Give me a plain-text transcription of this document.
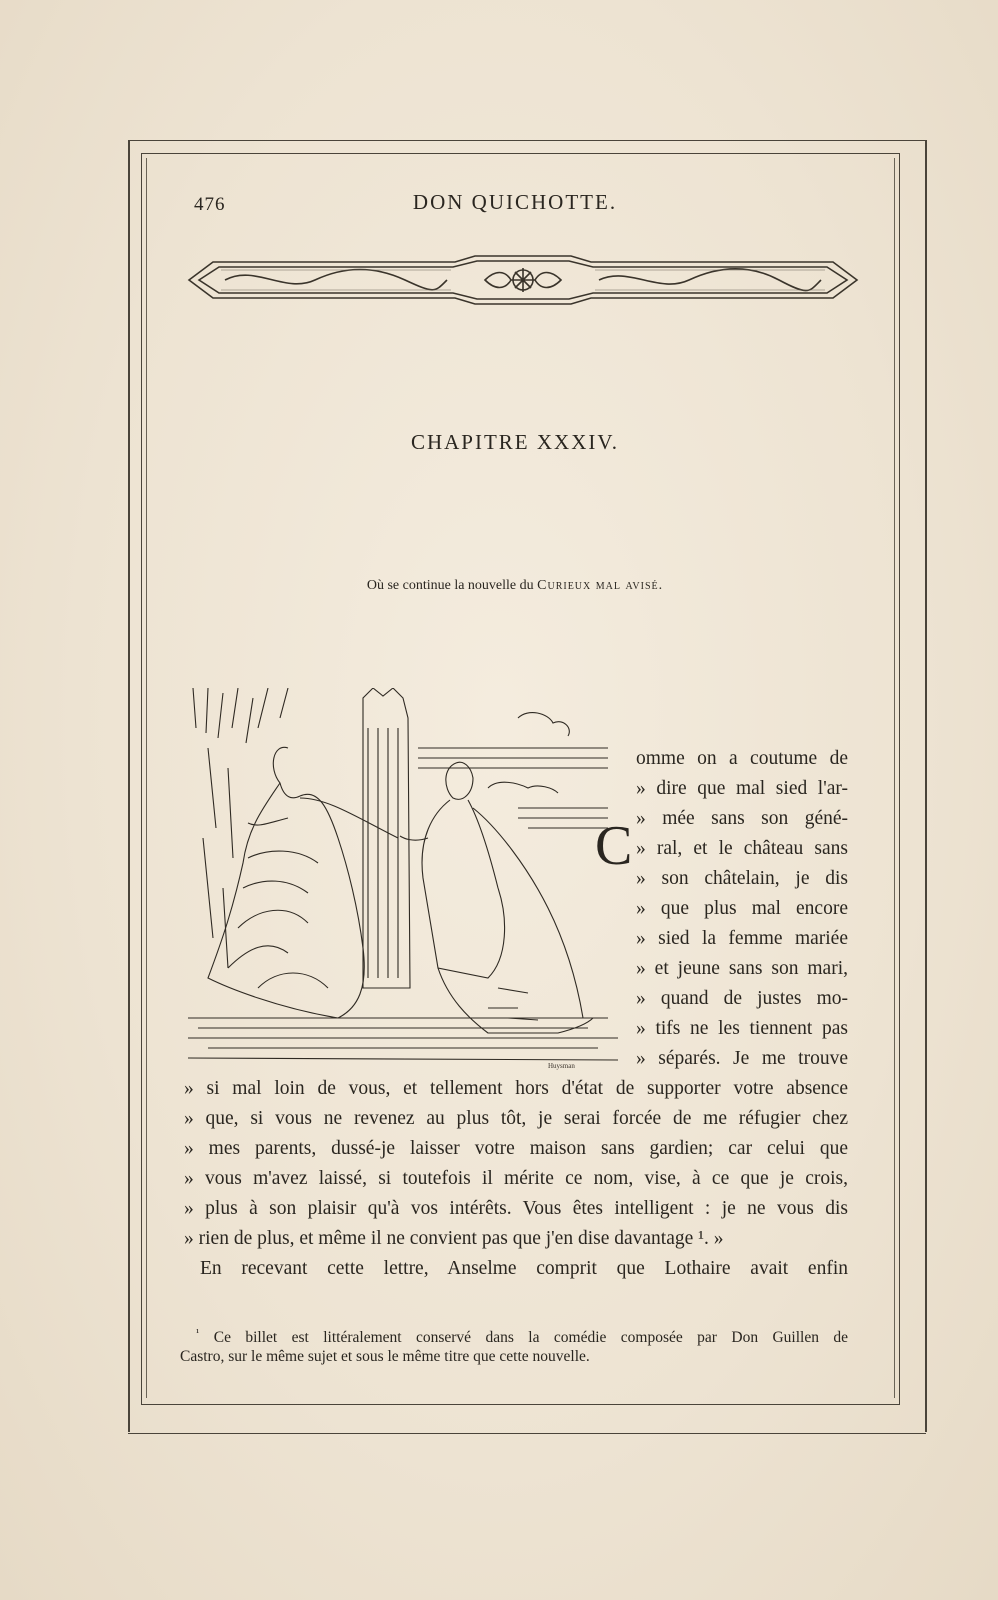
476	DON QUICHOTTE.
CHAPITRE XXXIV.
Où se continue la nouvelle du Curieux mal avisé.
Huysman
C
omme on a coutume de
» dire que mal sied l'ar-
» mée sans son géné-
» ral, et le château sans
» son châtelain, je dis
» que plus mal encore
» sied la femme mariée
» et jeune sans son mari,
» quand de justes mo-
» tifs ne les tiennent pas
» séparés. Je me trouve
» si mal loin de vous, et tellement hors d'état de supporter votre absence
» que, si vous ne revenez au plus tôt, je serai forcée de me réfugier chez
» mes parents, dussé-je laisser votre maison sans gardien; car celui que
» vous m'avez laissé, si toutefois il mérite ce nom, vise, à ce que je crois,
» plus à son plaisir qu'à vos intérêts. Vous êtes intelligent : je ne vous dis
» rien de plus, et même il ne convient pas que j'en dise davantage ¹. »
En recevant cette lettre, Anselme comprit que Lothaire avait enfin
$^{^1}$ Ce billet est littéralement conservé dans la comédie composée par Don Guillen de
Castro, sur le même sujet et sous le même titre que cette nouvelle.
